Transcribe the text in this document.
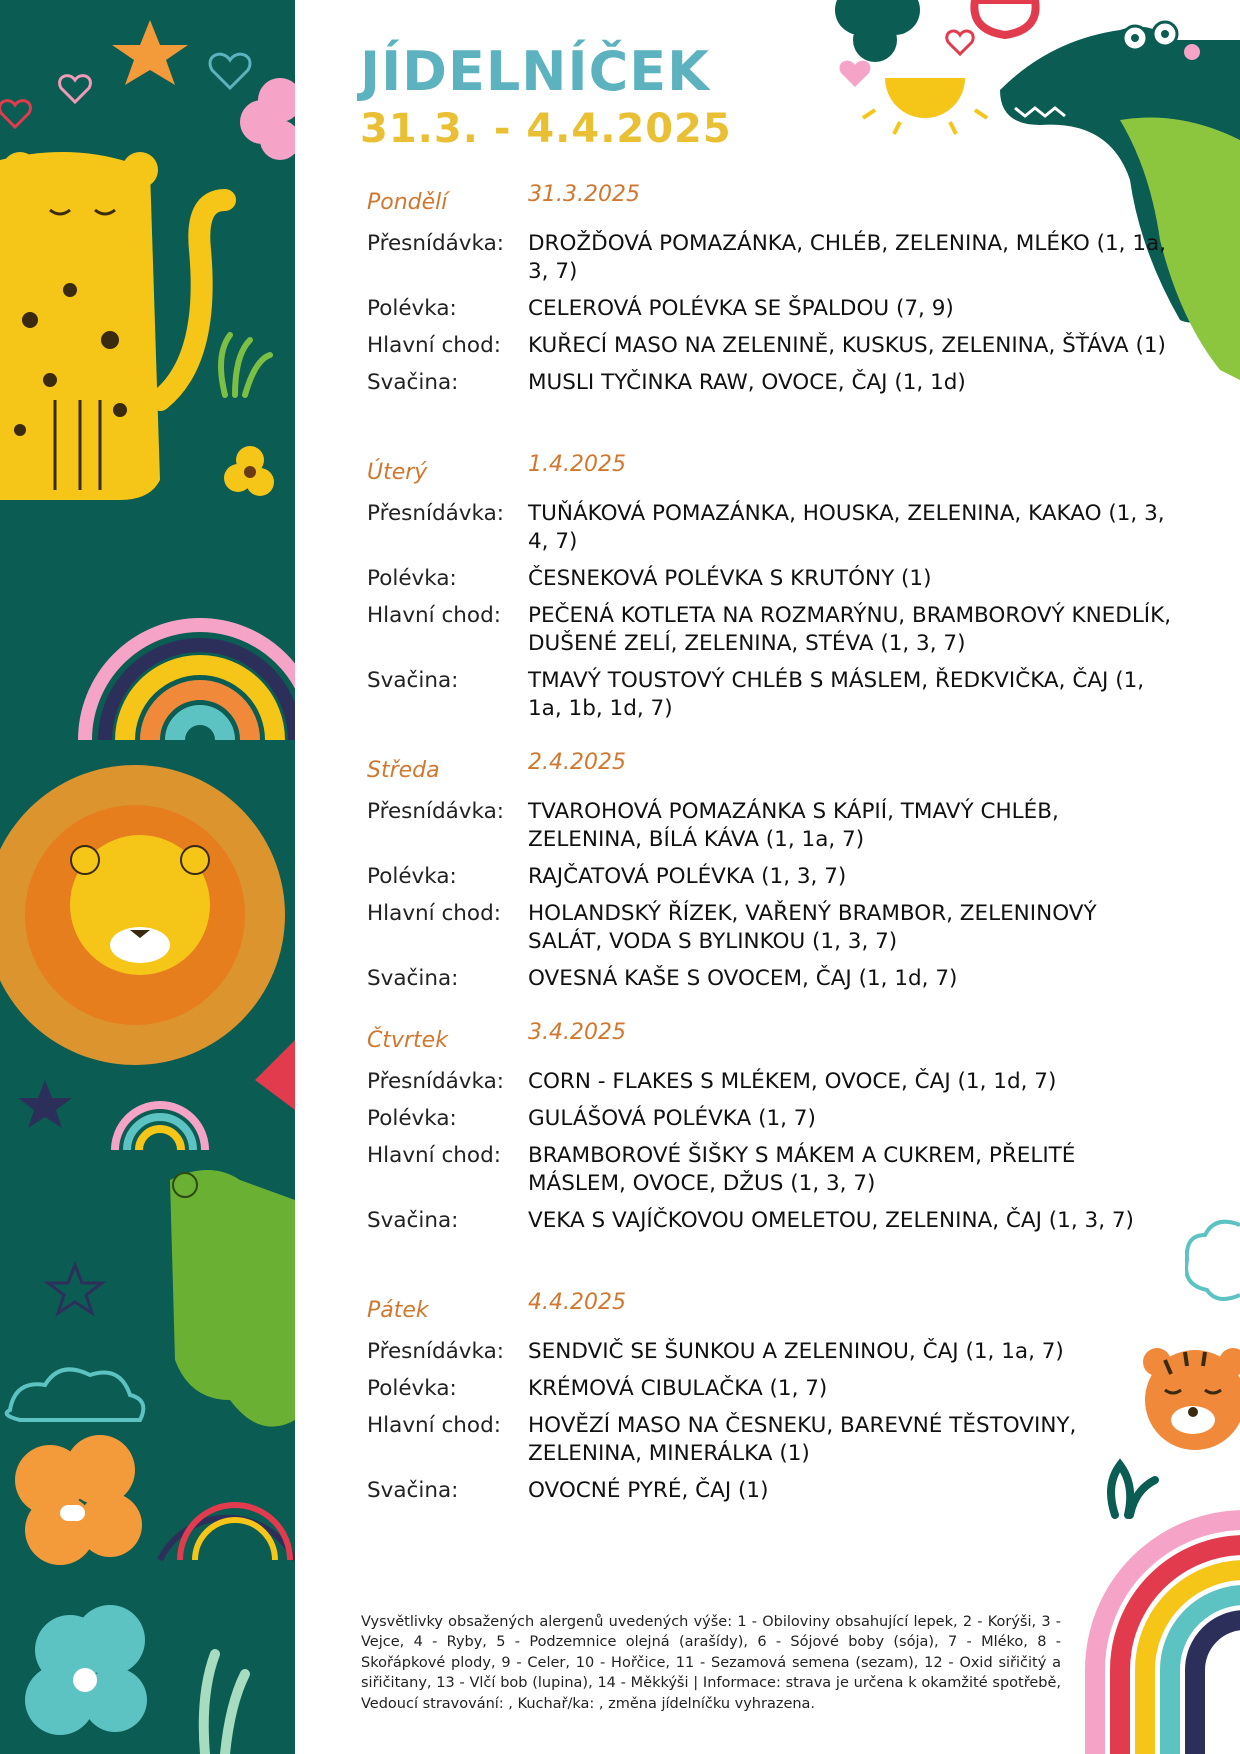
JÍDELNÍČEK
31.3. - 4.4.2025
Pondělí	31.3.2025
Přesnídávka:	DROŽĎOVÁ POMAZÁNKA, CHLÉB, ZELENINA, MLÉKO (1, 1a, 3, 7)
Polévka:	CELEROVÁ POLÉVKA SE ŠPALDOU (7, 9)
Hlavní chod:	KUŘECÍ MASO NA ZELENINĚ, KUSKUS, ZELENINA, ŠŤÁVA (1)
Svačina:	MUSLI TYČINKA RAW, OVOCE, ČAJ (1, 1d)
Úterý	1.4.2025
Přesnídávka:	TUŇÁKOVÁ POMAZÁNKA, HOUSKA, ZELENINA, KAKAO (1, 3, 4, 7)
Polévka:	ČESNEKOVÁ POLÉVKA S KRUTÓNY (1)
Hlavní chod:	PEČENÁ KOTLETA NA ROZMARÝNU, BRAMBOROVÝ KNEDLÍK, DUŠENÉ ZELÍ, ZELENINA, STÉVA (1, 3, 7)
Svačina:	TMAVÝ TOUSTOVÝ CHLÉB S MÁSLEM, ŘEDKVIČKA, ČAJ (1, 1a, 1b, 1d, 7)
Středa	2.4.2025
Přesnídávka:	TVAROHOVÁ POMAZÁNKA S KÁPIÍ, TMAVÝ CHLÉB, ZELENINA, BÍLÁ KÁVA (1, 1a, 7)
Polévka:	RAJČATOVÁ POLÉVKA (1, 3, 7)
Hlavní chod:	HOLANDSKÝ ŘÍZEK, VAŘENÝ BRAMBOR, ZELENINOVÝ SALÁT, VODA S BYLINKOU (1, 3, 7)
Svačina:	OVESNÁ KAŠE S OVOCEM, ČAJ (1, 1d, 7)
Čtvrtek	3.4.2025
Přesnídávka:	CORN - FLAKES S MLÉKEM, OVOCE, ČAJ (1, 1d, 7)
Polévka:	GULÁŠOVÁ POLÉVKA (1, 7)
Hlavní chod:	BRAMBOROVÉ ŠIŠKY S MÁKEM A CUKREM, PŘELITÉ MÁSLEM, OVOCE, DŽUS (1, 3, 7)
Svačina:	VEKA S VAJÍČKOVOU OMELETOU, ZELENINA, ČAJ (1, 3, 7)
Pátek	4.4.2025
Přesnídávka:	SENDVIČ SE ŠUNKOU A ZELENINOU, ČAJ (1, 1a, 7)
Polévka:	KRÉMOVÁ CIBULAČKA (1, 7)
Hlavní chod:	HOVĚZÍ MASO NA ČESNEKU, BAREVNÉ TĚSTOVINY, ZELENINA, MINERÁLKA (1)
Svačina:	OVOCNÉ PYRÉ, ČAJ (1)

Vysvětlivky obsažených alergenů uvedených výše: 1 - Obiloviny obsahující lepek, 2 - Korýši, 3 - Vejce, 4 - Ryby, 5 - Podzemnice olejná (arašídy), 6 - Sójové boby (sója), 7 - Mléko, 8 - Skořápkové plody, 9 - Celer, 10 - Hořčice, 11 - Sezamová semena (sezam), 12 - Oxid siřičitý a siřičitany, 13 - Vlčí bob (lupina), 14 - Měkkýši | Informace: strava je určena k okamžité spotřebě, Vedoucí stravování: , Kuchař/ka: , změna jídelníčku vyhrazena.
